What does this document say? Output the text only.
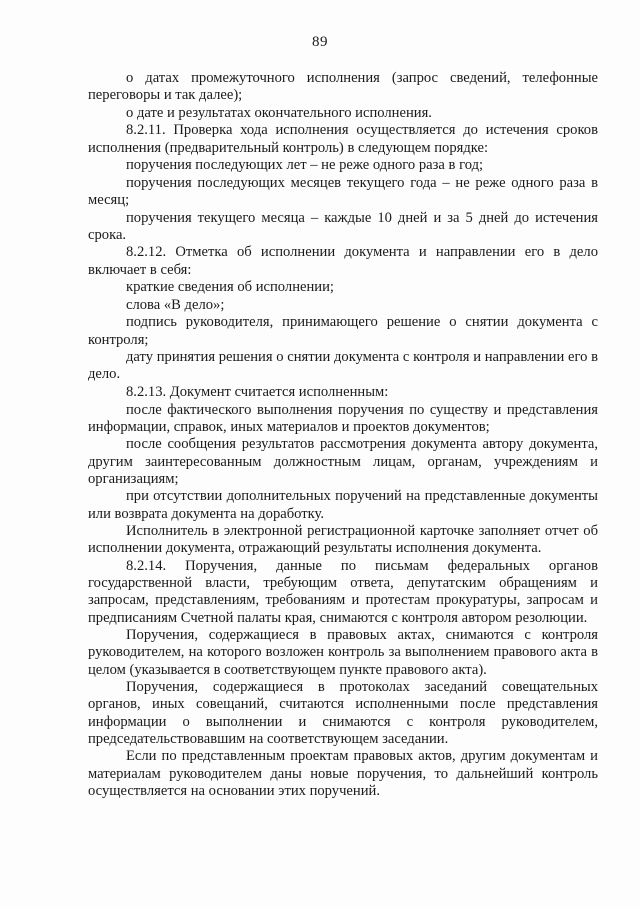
89

о датах промежуточного исполнения (запрос сведений, телефонные переговоры и так далее);

о дате и результатах окончательного исполнения.

8.2.11. Проверка хода исполнения осуществляется до истечения сроков исполнения (предварительный контроль) в следующем порядке:

поручения последующих лет – не реже одного раза в год;

поручения последующих месяцев текущего года – не реже одного раза в месяц;

поручения текущего месяца – каждые 10 дней и за 5 дней до истечения срока.

8.2.12. Отметка об исполнении документа и направлении его в дело включает в себя:

краткие сведения об исполнении;

слова «В дело»;

подпись руководителя, принимающего решение о снятии документа с контроля;

дату принятия решения о снятии документа с контроля и направлении его в дело.

8.2.13. Документ считается исполненным:

после фактического выполнения поручения по существу и представления информации, справок, иных материалов и проектов документов;

после сообщения результатов рассмотрения документа автору документа, другим заинтересованным должностным лицам, органам, учреждениям и организациям;

при отсутствии дополнительных поручений на представленные документы или возврата документа на доработку.

Исполнитель в электронной регистрационной карточке заполняет отчет об исполнении документа, отражающий результаты исполнения документа.

8.2.14. Поручения, данные по письмам федеральных органов государственной власти, требующим ответа, депутатским обращениям и запросам, представлениям, требованиям и протестам прокуратуры, запросам и предписаниям Счетной палаты края, снимаются с контроля автором резолюции.

Поручения, содержащиеся в правовых актах, снимаются с контроля руководителем, на которого возложен контроль за выполнением правового акта в целом (указывается в соответствующем пункте правового акта).

Поручения, содержащиеся в протоколах заседаний совещательных органов, иных совещаний, считаются исполненными после представления информации о выполнении и снимаются с контроля руководителем, председательствовавшим на соответствующем заседании.

Если по представленным проектам правовых актов, другим документам и материалам руководителем даны новые поручения, то дальнейший контроль осуществляется на основании этих поручений.
